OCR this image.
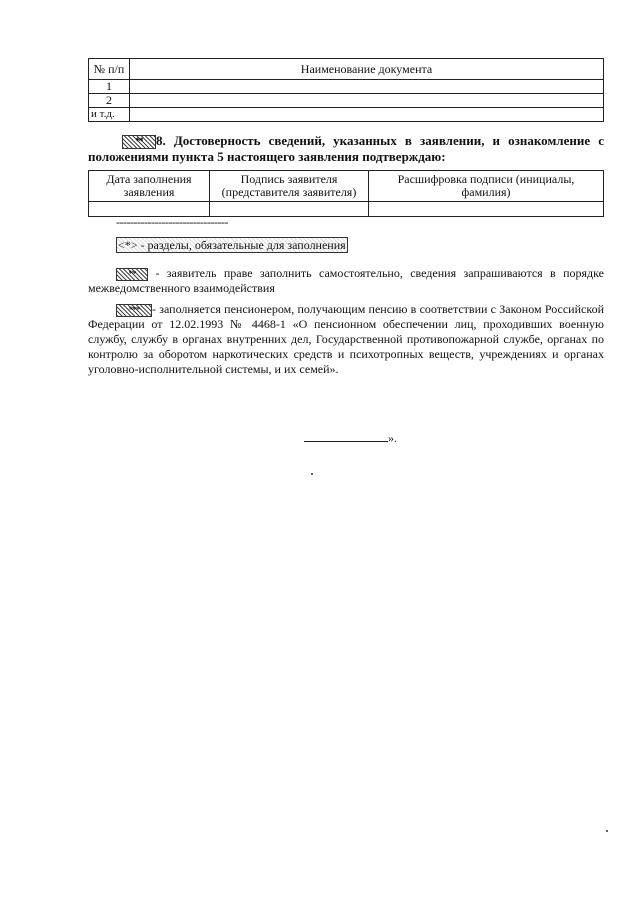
№ п/п	Наименование документа
1	
2	
и т.д.	
**	8. Достоверность сведений, указанных в заявлении, и ознакомление с положениями пункта 5 настоящего заявления подтверждаю:
Дата заполнения заявления	Подпись заявителя (представителя заявителя)	Расшифровка подписи (инициалы, фамилия)

--------------------------------
<*> - разделы, обязательные для заполнения
**	- заявитель праве заполнить самостоятельно, сведения запрашиваются в порядке межведомственного взаимодействия
***	- заполняется пенсионером, получающим пенсию в соответствии с Законом Российской Федерации от 12.02.1993 № 4468-1 «О пенсионном обеспечении лиц, проходивших военную службу, службу в органах внутренних дел, Государственной противопожарной службе, органах по контролю за оборотом наркотических средств и психотропных веществ, учреждениях и органах уголовно-исполнительной системы, и их семей».
».
